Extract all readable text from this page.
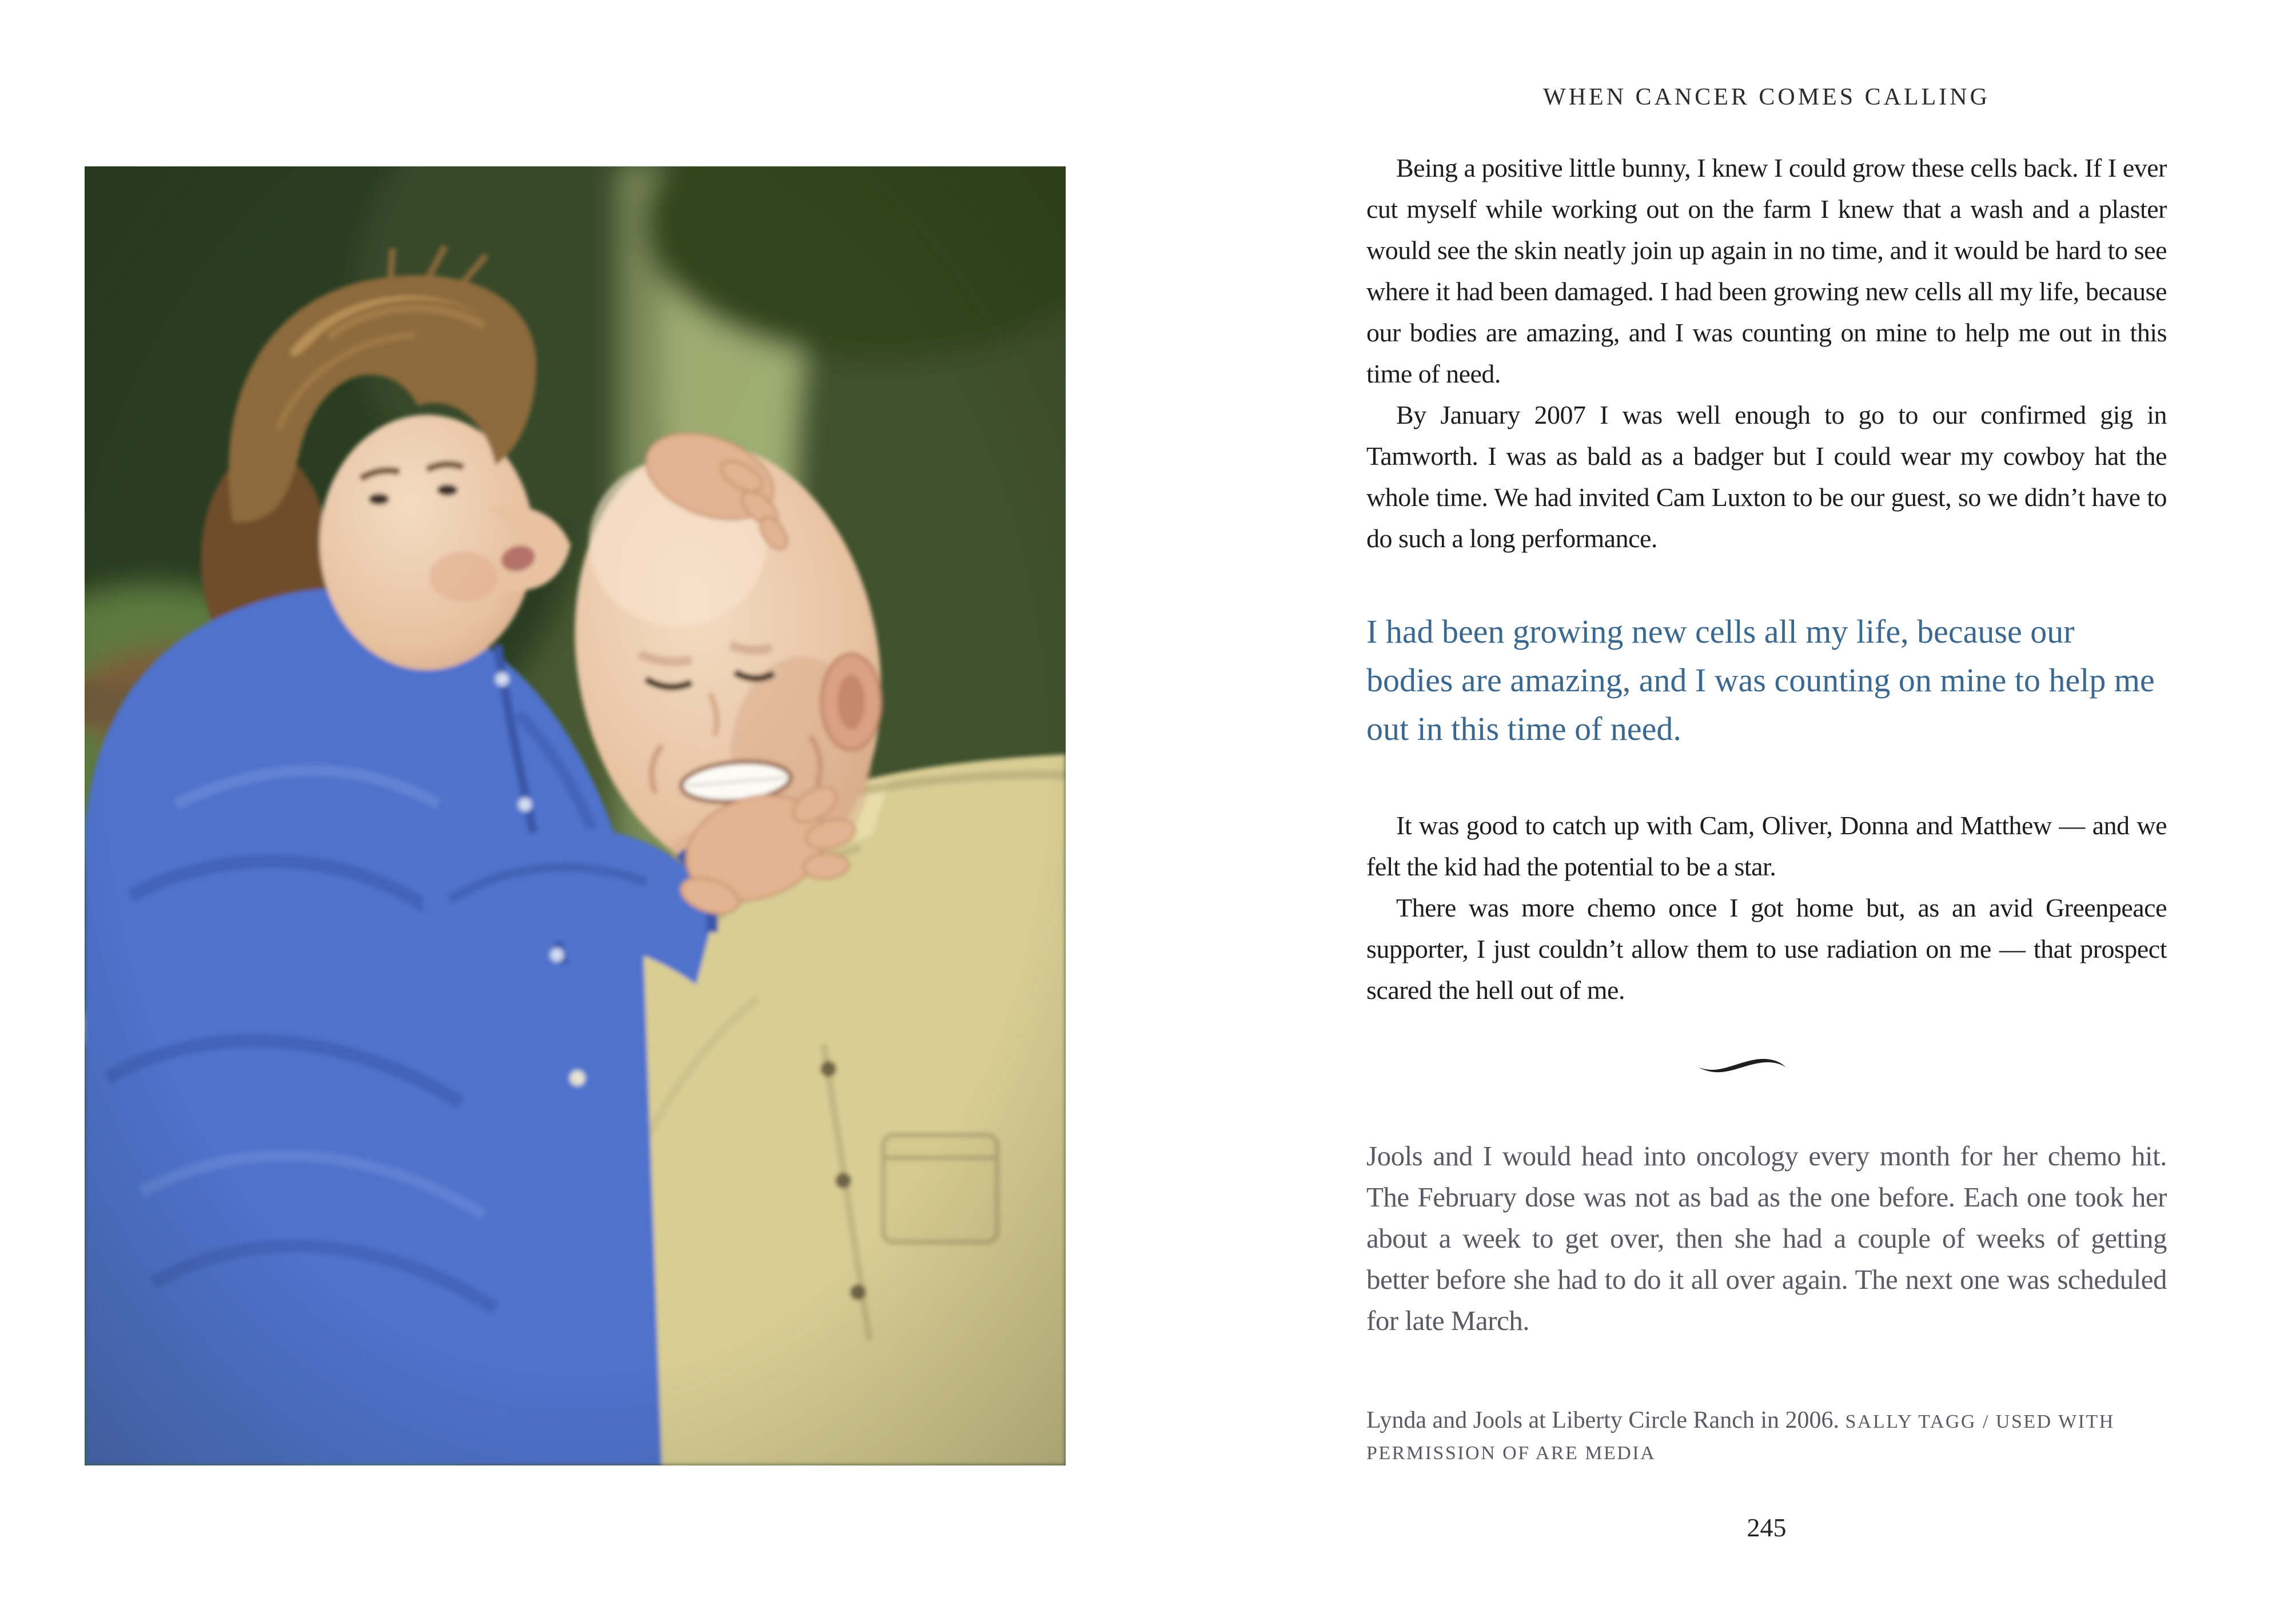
WHEN CANCER COMES CALLING

Being a positive little bunny, I knew I could grow these cells back. If I ever cut myself while working out on the farm I knew that a wash and a plaster would see the skin neatly join up again in no time, and it would be hard to see where it had been damaged. I had been growing new cells all my life, because our bodies are amazing, and I was counting on mine to help me out in this time of need.

By January 2007 I was well enough to go to our confirmed gig in Tamworth. I was as bald as a badger but I could wear my cowboy hat the whole time. We had invited Cam Luxton to be our guest, so we didn’t have to do such a long performance.

I had been growing new cells all my life, because our bodies are amazing, and I was counting on mine to help me out in this time of need.

It was good to catch up with Cam, Oliver, Donna and Matthew — and we felt the kid had the potential to be a star.

There was more chemo once I got home but, as an avid Greenpeace supporter, I just couldn’t allow them to use radiation on me — that prospect scared the hell out of me.

Jools and I would head into oncology every month for her chemo hit. The February dose was not as bad as the one before. Each one took her about a week to get over, then she had a couple of weeks of getting better before she had to do it all over again. The next one was scheduled for late March.

Lynda and Jools at Liberty Circle Ranch in 2006. SALLY TAGG / USED WITH PERMISSION OF ARE MEDIA

245
